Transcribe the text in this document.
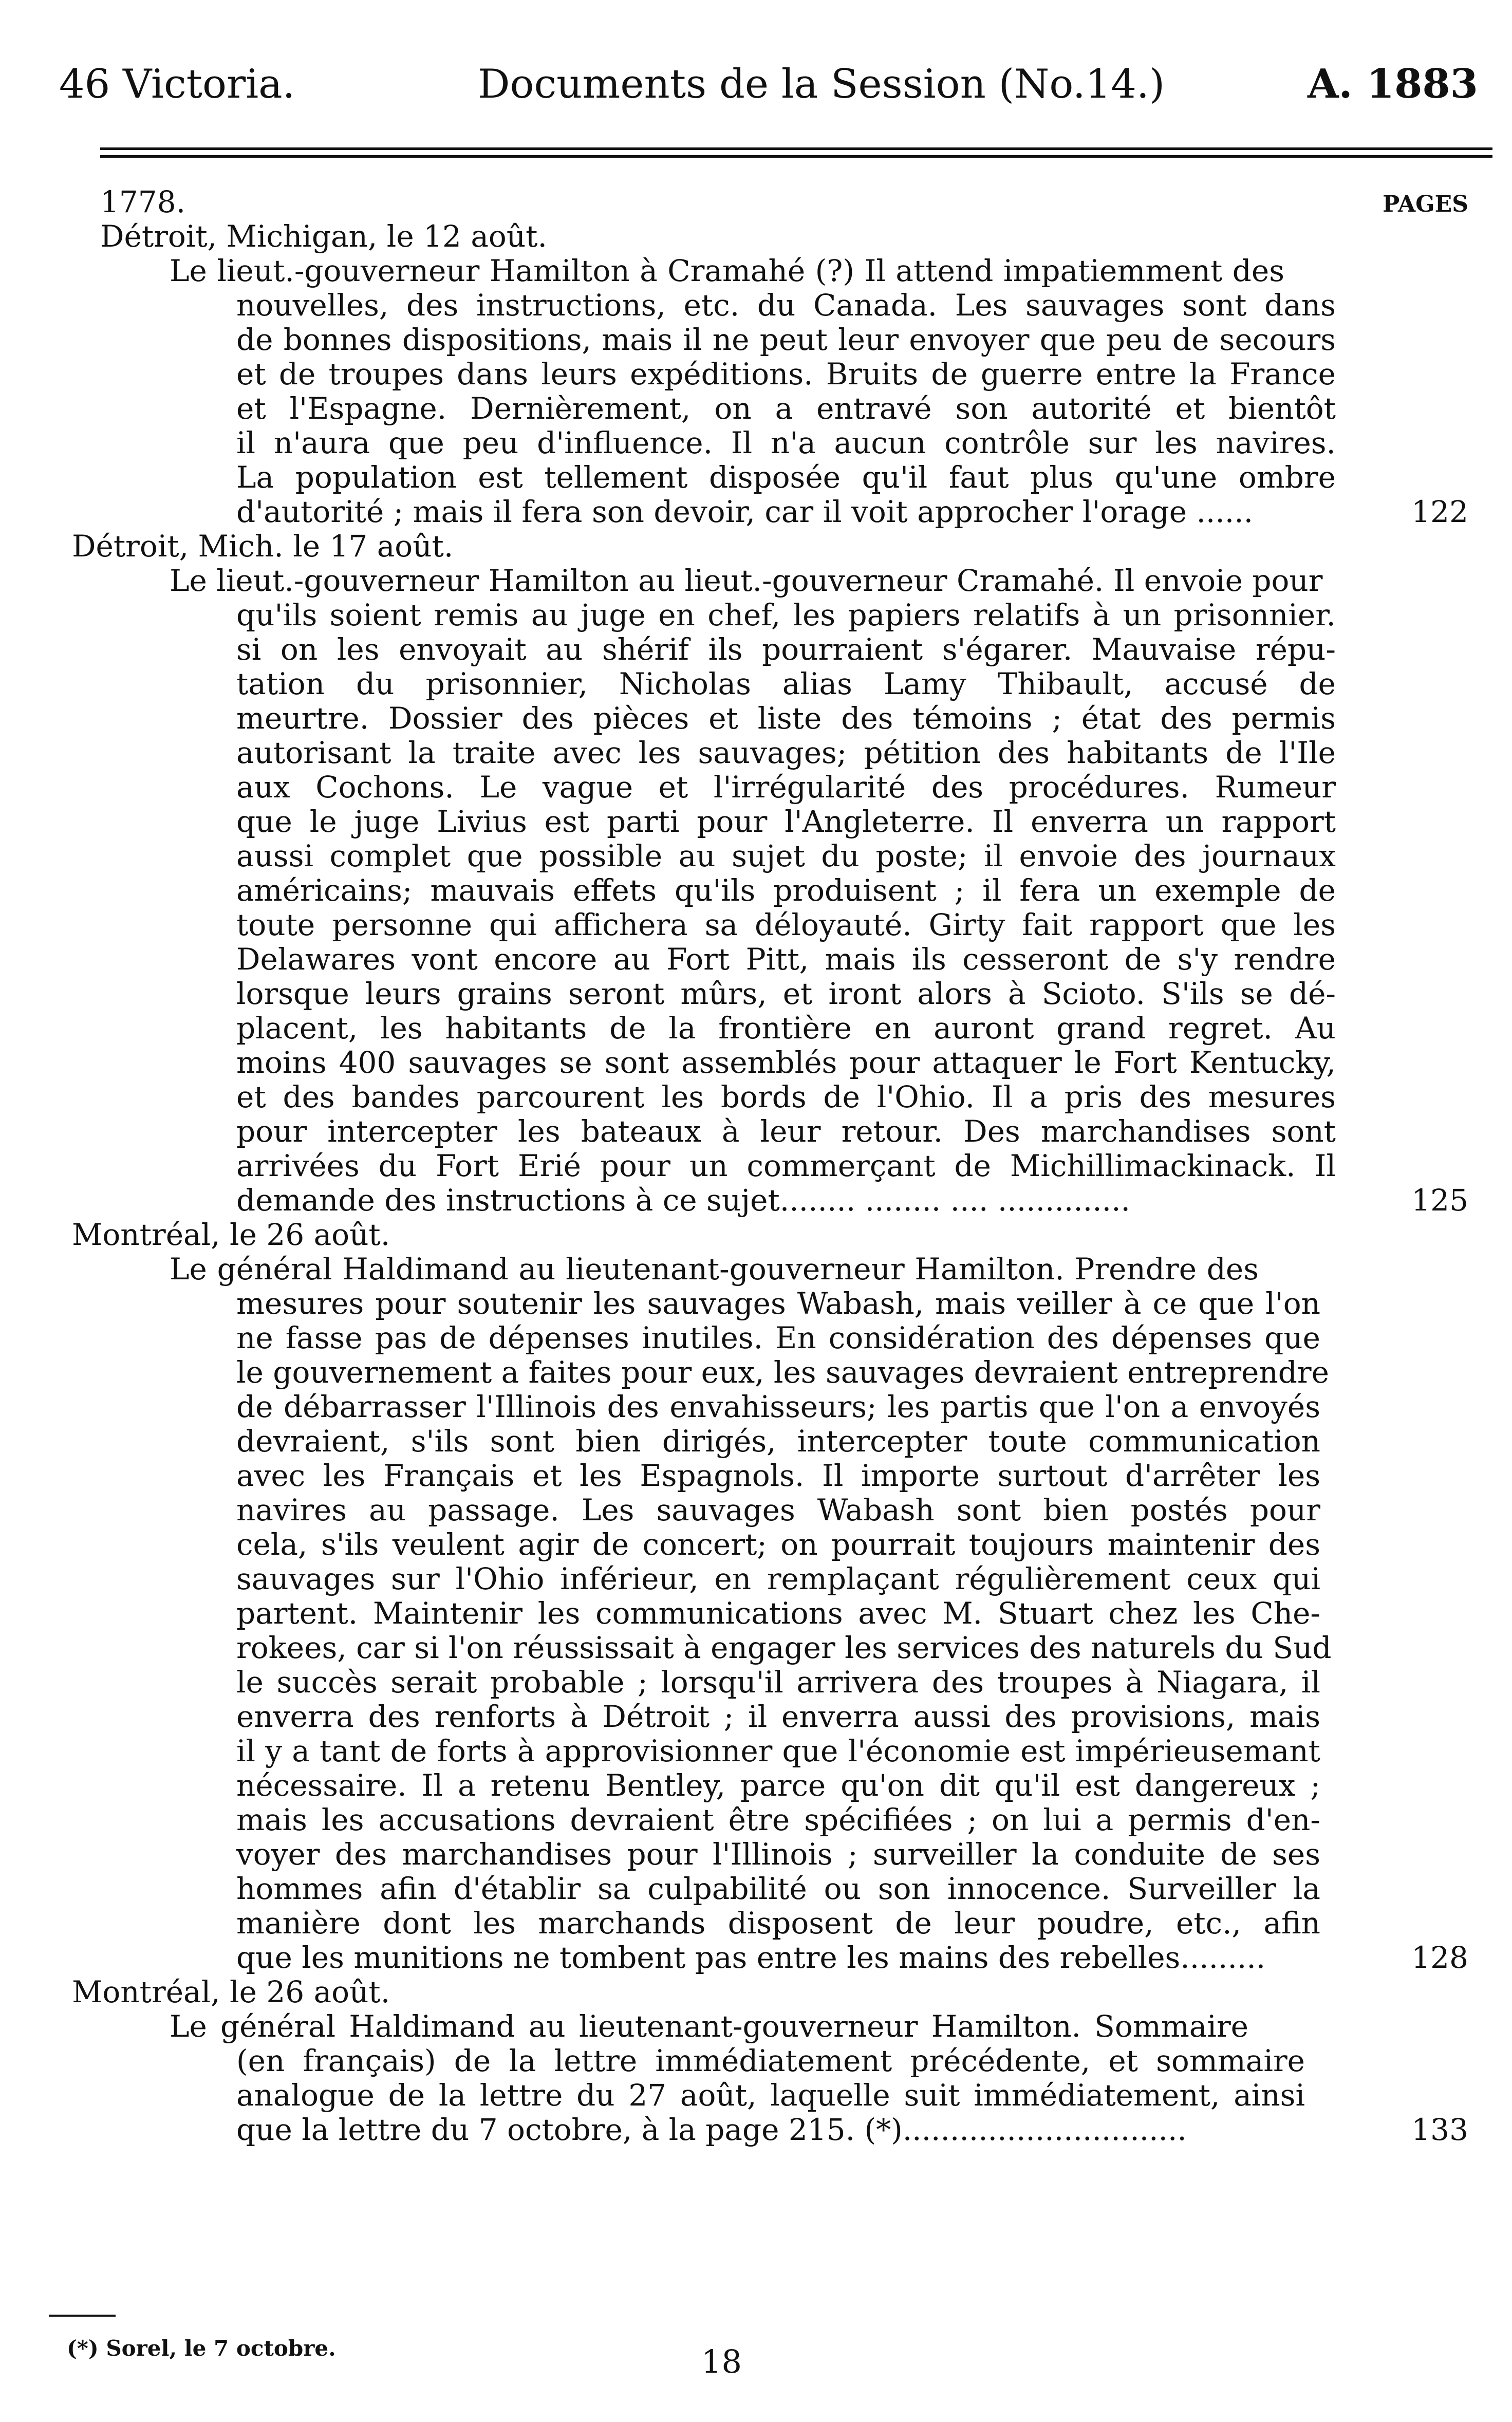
46 Victoria.	Documents de la Session (No.14.)	A. 1883
PAGES
1778.
Détroit, Michigan, le 12 août.
Le lieut.-gouverneur Hamilton à Cramahé (?) Il attend impatiemment des
nouvelles, des instructions, etc. du Canada. Les sauvages sont dans
de bonnes dispositions, mais il ne peut leur envoyer que peu de secours
et de troupes dans leurs expéditions. Bruits de guerre entre la France
et l'Espagne. Dernièrement, on a entravé son autorité et bientôt
il n'aura que peu d'influence. Il n'a aucun contrôle sur les navires.
La population est tellement disposée qu'il faut plus qu'une ombre
d'autorité ; mais il fera son devoir, car il voit approcher l'orage ......	122
Détroit, Mich. le 17 août.
Le lieut.-gouverneur Hamilton au lieut.-gouverneur Cramahé. Il envoie pour
qu'ils soient remis au juge en chef, les papiers relatifs à un prisonnier.
si on les envoyait au shérif ils pourraient s'égarer. Mauvaise répu-
tation du prisonnier, Nicholas alias Lamy Thibault, accusé de
meurtre. Dossier des pièces et liste des témoins ; état des permis
autorisant la traite avec les sauvages; pétition des habitants de l'Ile
aux Cochons. Le vague et l'irrégularité des procédures. Rumeur
que le juge Livius est parti pour l'Angleterre. Il enverra un rapport
aussi complet que possible au sujet du poste; il envoie des journaux
américains; mauvais effets qu'ils produisent ; il fera un exemple de
toute personne qui affichera sa déloyauté. Girty fait rapport que les
Delawares vont encore au Fort Pitt, mais ils cesseront de s'y rendre
lorsque leurs grains seront mûrs, et iront alors à Scioto. S'ils se dé-
placent, les habitants de la frontière en auront grand regret. Au
moins 400 sauvages se sont assemblés pour attaquer le Fort Kentucky,
et des bandes parcourent les bords de l'Ohio. Il a pris des mesures
pour intercepter les bateaux à leur retour. Des marchandises sont
arrivées du Fort Erié pour un commerçant de Michillimackinack. Il
demande des instructions à ce sujet........ ........ .... ..............	125
Montréal, le 26 août.
Le général Haldimand au lieutenant-gouverneur Hamilton. Prendre des
mesures pour soutenir les sauvages Wabash, mais veiller à ce que l'on
ne fasse pas de dépenses inutiles. En considération des dépenses que
le gouvernement a faites pour eux, les sauvages devraient entreprendre
de débarrasser l'Illinois des envahisseurs; les partis que l'on a envoyés
devraient, s'ils sont bien dirigés, intercepter toute communication
avec les Français et les Espagnols. Il importe surtout d'arrêter les
navires au passage. Les sauvages Wabash sont bien postés pour
cela, s'ils veulent agir de concert; on pourrait toujours maintenir des
sauvages sur l'Ohio inférieur, en remplaçant régulièrement ceux qui
partent. Maintenir les communications avec M. Stuart chez les Che-
rokees, car si l'on réussissait à engager les services des naturels du Sud
le succès serait probable ; lorsqu'il arrivera des troupes à Niagara, il
enverra des renforts à Détroit ; il enverra aussi des provisions, mais
il y a tant de forts à approvisionner que l'économie est impérieusemant
nécessaire. Il a retenu Bentley, parce qu'on dit qu'il est dangereux ;
mais les accusations devraient être spécifiées ; on lui a permis d'en-
voyer des marchandises pour l'Illinois ; surveiller la conduite de ses
hommes afin d'établir sa culpabilité ou son innocence. Surveiller la
manière dont les marchands disposent de leur poudre, etc., afin
que les munitions ne tombent pas entre les mains des rebelles.........	128
Montréal, le 26 août.
Le général Haldimand au lieutenant-gouverneur Hamilton. Sommaire
(en français) de la lettre immédiatement précédente, et sommaire
analogue de la lettre du 27 août, laquelle suit immédiatement, ainsi
que la lettre du 7 octobre, à la page 215. (*)..............................	133
(*) Sorel, le 7 octobre.	18
